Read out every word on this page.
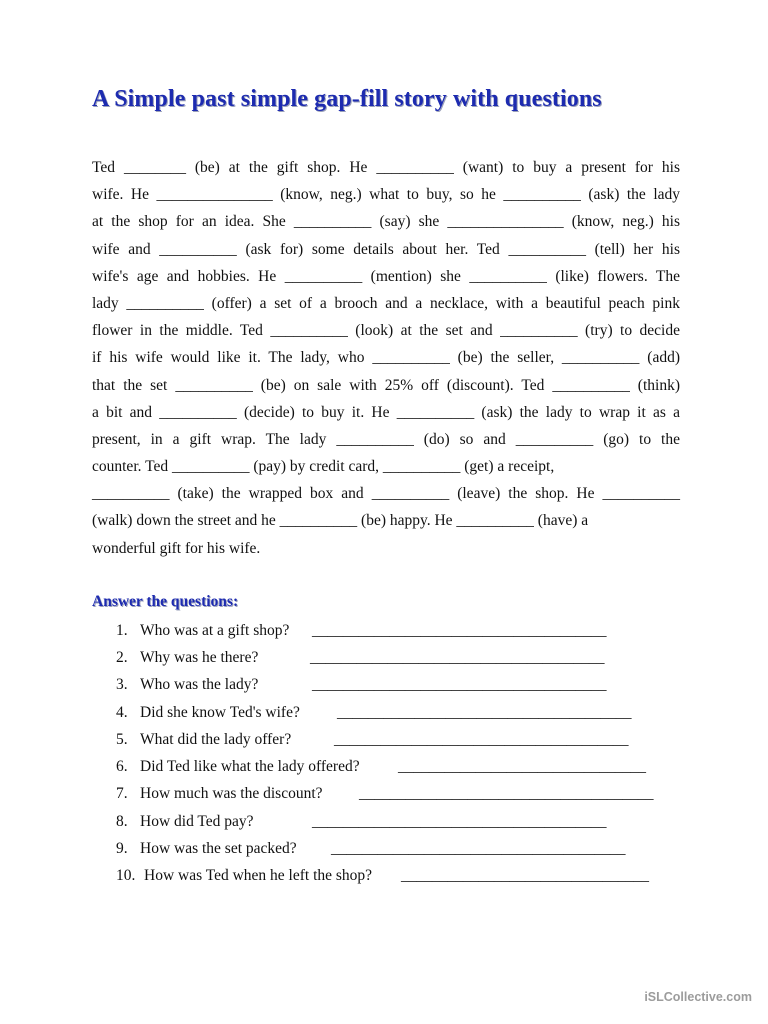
A Simple past simple gap-fill story with questions
Ted ________ (be) at the gift shop. He __________ (want) to buy a present for his
wife. He _______________ (know, neg.) what to buy, so he __________ (ask) the lady
at the shop for an idea. She __________ (say) she _______________ (know, neg.) his
wife and __________ (ask for) some details about her. Ted __________ (tell) her his
wife's age and hobbies. He __________ (mention) she __________ (like) flowers. The
lady __________ (offer) a set of a brooch and a necklace, with a beautiful peach pink
flower in the middle. Ted __________ (look) at the set and __________ (try) to decide
if his wife would like it. The lady, who __________ (be) the seller, __________ (add)
that the set __________ (be) on sale with 25% off (discount). Ted __________ (think)
a bit and __________ (decide) to buy it. He __________ (ask) the lady to wrap it as a
present, in a gift wrap. The lady __________ (do) so and __________ (go) to the
counter. Ted __________ (pay) by credit card, __________ (get) a receipt,
__________ (take) the wrapped box and __________ (leave) the shop. He __________
(walk) down the street and he __________ (be) happy. He __________ (have) a
wonderful gift for his wife.
Answer the questions:
1. Who was at a gift shop? ______________________________________
2. Why was he there?	______________________________________
3. Who was the lady?	______________________________________
4. Did she know Ted's wife? ______________________________________
5. What did the lady offer?	______________________________________
6. Did Ted like what the lady offered? ________________________________
7. How much was the discount? ______________________________________
8. How did Ted pay?	______________________________________
9. How was the set packed? ______________________________________
10. How was Ted when he left the shop? ________________________________

iSLCollective.com
